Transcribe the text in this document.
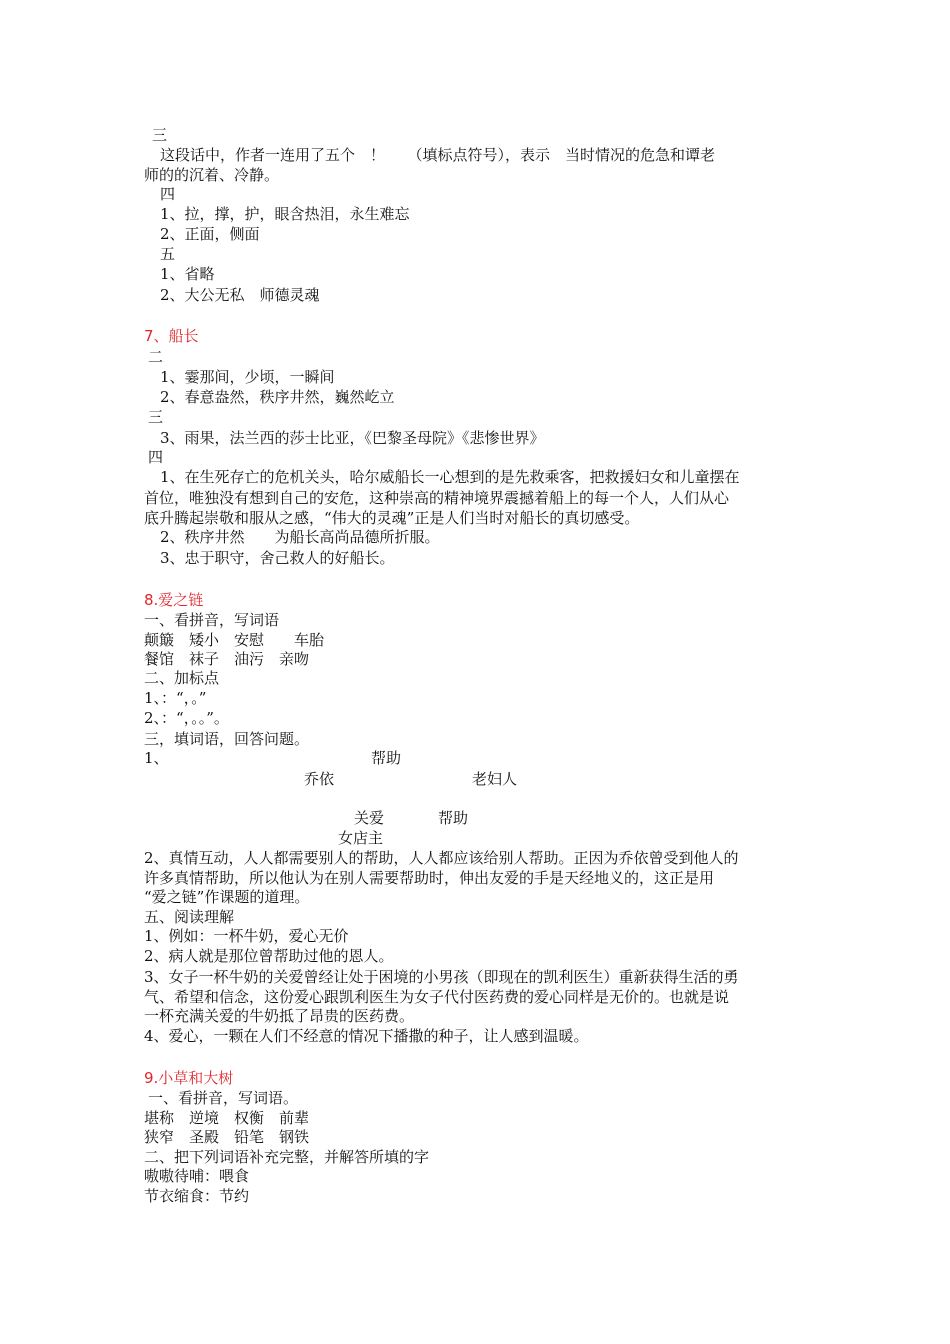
三
这段话中，作者一连用了五个　！　　（填标点符号），表示　当时情况的危急和谭老
师的的沉着、冷静。
四
1、拉，撑，护，眼含热泪，永生难忘
2、正面，侧面
五
1、省略
2、大公无私　师德灵魂
7、船长
二
1、霎那间，少顷，一瞬间
2、春意盎然，秩序井然，巍然屹立
三
3、雨果，法兰西的莎士比亚，《巴黎圣母院》《悲惨世界》
四
1、在生死存亡的危机关头，哈尔威船长一心想到的是先救乘客，把救援妇女和儿童摆在
首位，唯独没有想到自己的安危，这种崇高的精神境界震撼着船上的每一个人，人们从心
底升腾起崇敬和服从之感，“伟大的灵魂”正是人们当时对船长的真切感受。
2、秩序井然　　为船长高尚品德所折服。
3、忠于职守，舍己救人的好船长。
8.爱之链
一、看拼音，写词语
颠簸　矮小　安慰　　车胎
餐馆　袜子　油污　亲吻
二、加标点
1、：“，。”
2、：“，。。”。
三，填词语，回答问题。
1、	帮助
乔依	老妇人
关爱	帮助
女店主
2、真情互动，人人都需要别人的帮助，人人都应该给别人帮助。正因为乔依曾受到他人的
许多真情帮助，所以他认为在别人需要帮助时，伸出友爱的手是天经地义的，这正是用
“爱之链”作课题的道理。
五、阅读理解
1、例如：一杯牛奶，爱心无价
2、病人就是那位曾帮助过他的恩人。
3、女子一杯牛奶的关爱曾经让处于困境的小男孩（即现在的凯利医生）重新获得生活的勇
气、希望和信念，这份爱心跟凯利医生为女子代付医药费的爱心同样是无价的。也就是说
一杯充满关爱的牛奶抵了昂贵的医药费。
4、爱心，一颗在人们不经意的情况下播撒的种子，让人感到温暖。
9.小草和大树
一、看拼音，写词语。
堪称　逆境　权衡　前辈
狭窄　圣殿　铅笔　钢铁
二、把下列词语补充完整，并解答所填的字
嗷嗷待哺：喂食
节衣缩食：节约
